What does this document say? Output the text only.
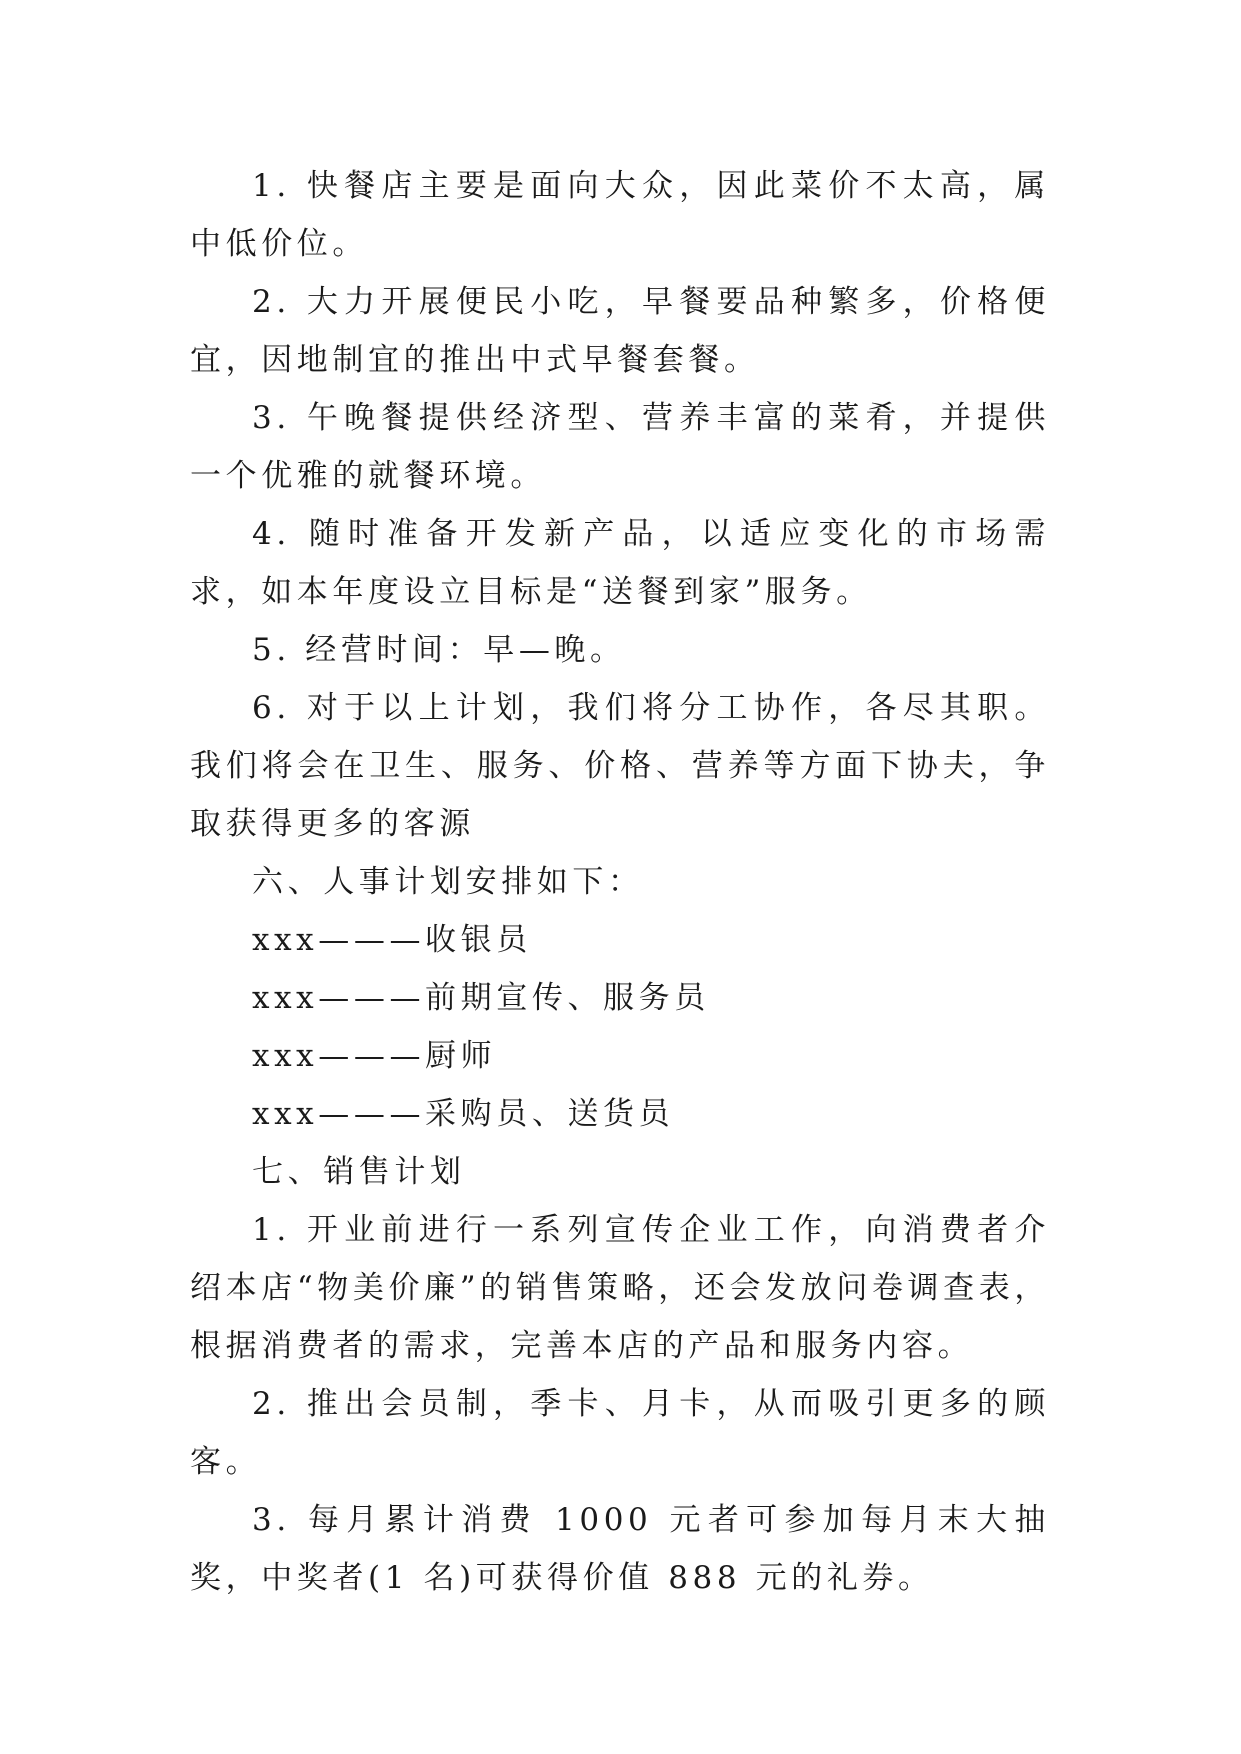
1. 快餐店主要是面向大众，因此菜价不太高，属中低价位。

2. 大力开展便民小吃，早餐要品种繁多，价格便宜，因地制宜的推出中式早餐套餐。

3. 午晚餐提供经济型、营养丰富的菜肴，并提供一个优雅的就餐环境。

4. 随时准备开发新产品，以适应变化的市场需求，如本年度设立目标是“送餐到家”服务。

5. 经营时间：早—晚。

6. 对于以上计划，我们将分工协作，各尽其职。我们将会在卫生、服务、价格、营养等方面下协夫，争取获得更多的客源

六、人事计划安排如下：

xxx———收银员

xxx———前期宣传、服务员

xxx———厨师

xxx———采购员、送货员

七、销售计划

1. 开业前进行一系列宣传企业工作，向消费者介绍本店“物美价廉”的销售策略，还会发放问卷调查表，根据消费者的需求，完善本店的产品和服务内容。

2. 推出会员制，季卡、月卡，从而吸引更多的顾客。

3. 每月累计消费 1000 元者可参加每月末大抽奖，中奖者(1 名)可获得价值 888 元的礼券。
